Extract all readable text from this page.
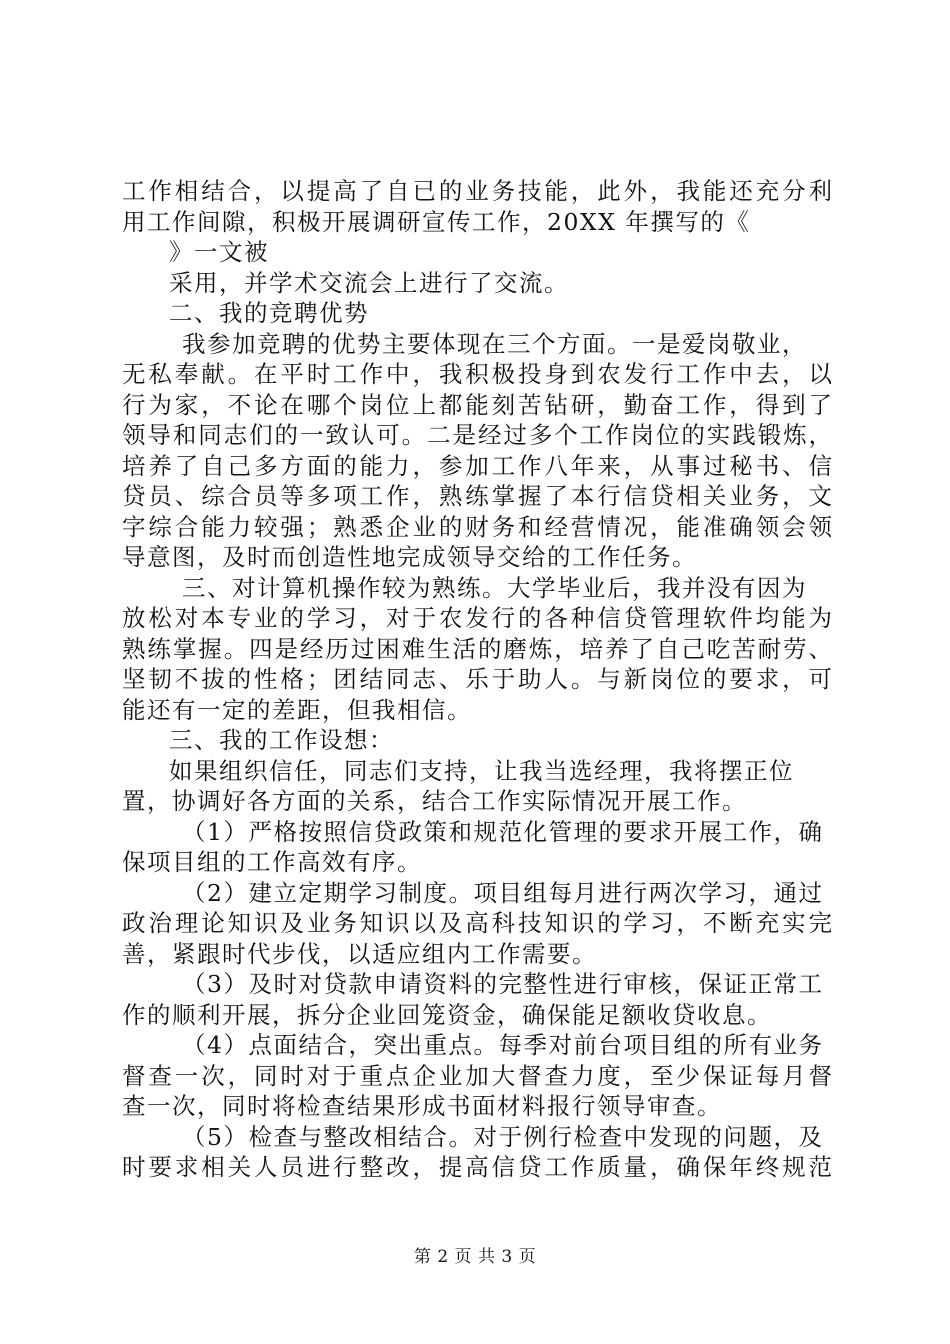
工作相结合，以提高了自已的业务技能，此外，我能还充分利
用工作间隙，积极开展调研宣传工作，20XX 年撰写的《
》一文被
采用，并学术交流会上进行了交流。
二、我的竞聘优势
我参加竞聘的优势主要体现在三个方面。一是爱岗敬业，
无私奉献。在平时工作中，我积极投身到农发行工作中去，以
行为家，不论在哪个岗位上都能刻苦钻研，勤奋工作，得到了
领导和同志们的一致认可。二是经过多个工作岗位的实践锻炼，
培养了自己多方面的能力，参加工作八年来，从事过秘书、信
贷员、综合员等多项工作，熟练掌握了本行信贷相关业务，文
字综合能力较强；熟悉企业的财务和经营情况，能准确领会领
导意图，及时而创造性地完成领导交给的工作任务。
三、对计算机操作较为熟练。大学毕业后，我并没有因为
放松对本专业的学习，对于农发行的各种信贷管理软件均能为
熟练掌握。四是经历过困难生活的磨炼，培养了自己吃苦耐劳、
坚韧不拔的性格；团结同志、乐于助人。与新岗位的要求，可
能还有一定的差距，但我相信。
三、我的工作设想：
如果组织信任，同志们支持，让我当选经理，我将摆正位
置，协调好各方面的关系，结合工作实际情况开展工作。
（1）严格按照信贷政策和规范化管理的要求开展工作，确
保项目组的工作高效有序。
（2）建立定期学习制度。项目组每月进行两次学习，通过
政治理论知识及业务知识以及高科技知识的学习，不断充实完
善，紧跟时代步伐，以适应组内工作需要。
（3）及时对贷款申请资料的完整性进行审核，保证正常工
作的顺利开展，拆分企业回笼资金，确保能足额收贷收息。
（4）点面结合，突出重点。每季对前台项目组的所有业务
督查一次，同时对于重点企业加大督查力度，至少保证每月督
查一次，同时将检查结果形成书面材料报行领导审查。
（5）检查与整改相结合。对于例行检查中发现的问题，及
时要求相关人员进行整改，提高信贷工作质量，确保年终规范
第 2 页 共 3 页
